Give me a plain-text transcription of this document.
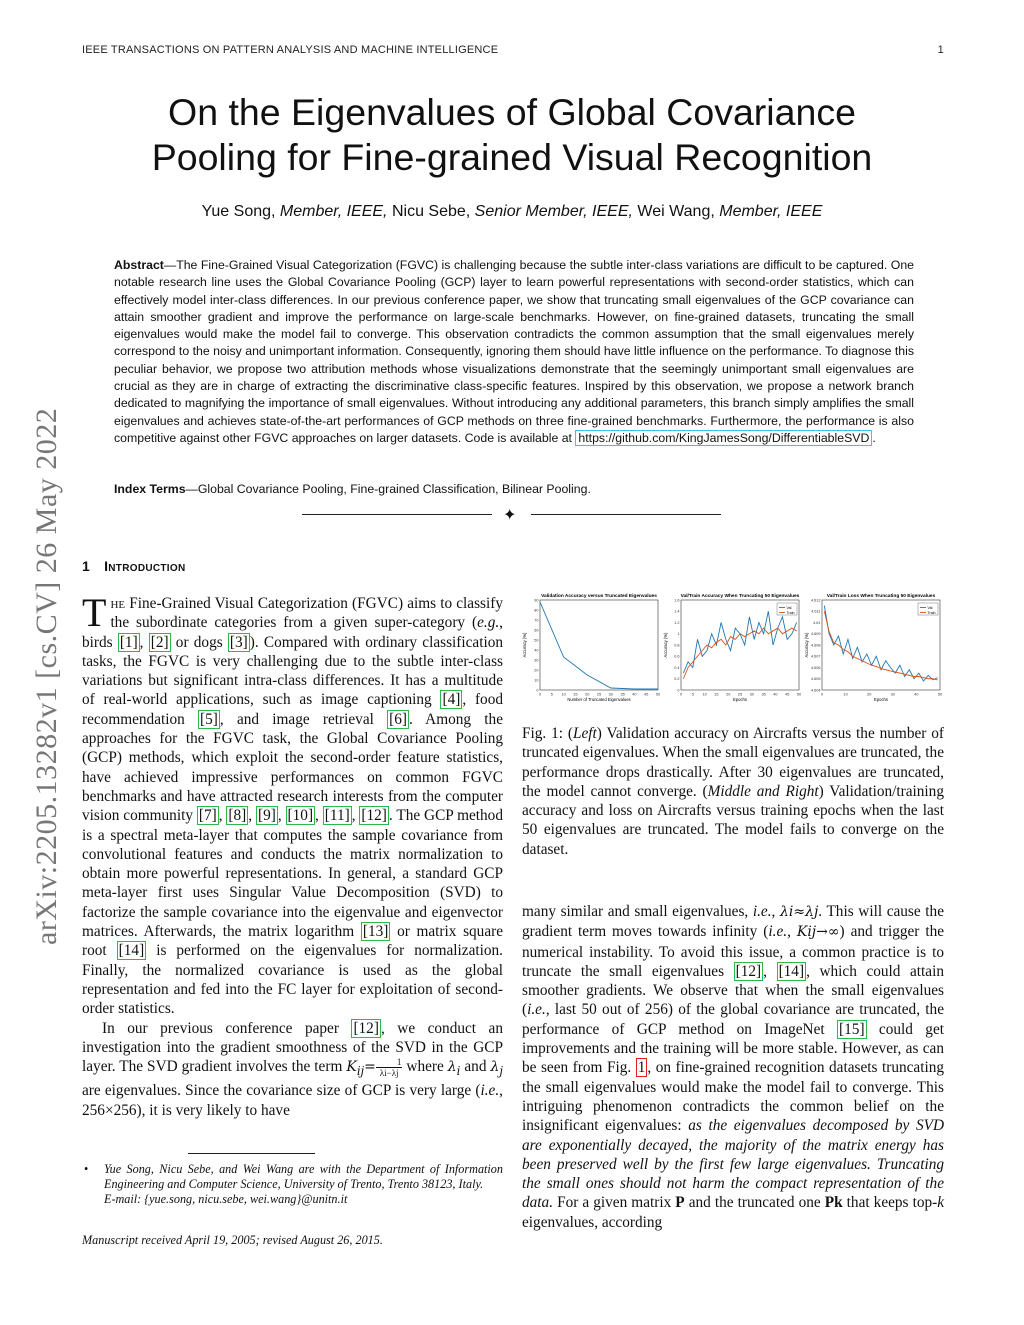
IEEE TRANSACTIONS ON PATTERN ANALYSIS AND MACHINE INTELLIGENCE	1
On the Eigenvalues of Global Covariance
Pooling for Fine-grained Visual Recognition
Yue Song, Member, IEEE, Nicu Sebe, Senior Member, IEEE, Wei Wang, Member, IEEE
Abstract—The Fine-Grained Visual Categorization (FGVC) is challenging because the subtle inter-class variations are difficult to be captured. One notable research line uses the Global Covariance Pooling (GCP) layer to learn powerful representations with second-order statistics, which can effectively model inter-class differences. In our previous conference paper, we show that truncating small eigenvalues of the GCP covariance can attain smoother gradient and improve the performance on large-scale benchmarks. However, on fine-grained datasets, truncating the small eigenvalues would make the model fail to converge. This observation contradicts the common assumption that the small eigenvalues merely correspond to the noisy and unimportant information. Consequently, ignoring them should have little influence on the performance. To diagnose this peculiar behavior, we propose two attribution methods whose visualizations demonstrate that the seemingly unimportant small eigenvalues are crucial as they are in charge of extracting the discriminative class-specific features. Inspired by this observation, we propose a network branch dedicated to magnifying the importance of small eigenvalues. Without introducing any additional parameters, this branch simply amplifies the small eigenvalues and achieves state-of-the-art performances of GCP methods on three fine-grained benchmarks. Furthermore, the performance is also competitive against other FGVC approaches on larger datasets. Code is available at https://github.com/KingJamesSong/DifferentiableSVD .
Index Terms—Global Covariance Pooling, Fine-grained Classification, Bilinear Pooling.
✦
arXiv:2205.13282v1 [cs.CV] 26 May 2022 1 Introduction

The Fine-Grained Visual Categorization (FGVC) aims to classify the subordinate categories from a given super-category (e.g., birds [1] , [2] or dogs [3] ). Compared with ordinary classification tasks, the FGVC is very challenging due to the subtle inter-class variations but significant intra-class differences. It has a multitude of real-world applications, such as image captioning [4] , food recommendation [5] , and image retrieval [6] . Among the approaches for the FGVC task, the Global Covariance Pooling (GCP) methods, which exploit the second-order feature statistics, have achieved impressive performances on common FGVC benchmarks and have attracted research interests from the computer vision community [7] , [8] , [9] , [10] , [11] , [12] . The GCP method is a spectral meta-layer that computes the sample covariance from convolutional features and conducts the matrix normalization to obtain more powerful representations. In general, a standard GCP meta-layer first uses Singular Value Decomposition (SVD) to factorize the sample covariance into the eigenvalue and eigenvector matrices. Afterwards, the matrix logarithm [13] or matrix square root [14] is performed on the eigenvalues for normalization. Finally, the normalized covariance is used as the global representation and fed into the FC layer for exploitation of second-order statistics.

In our previous conference paper [12] , we conduct an investigation into the gradient smoothness of the SVD in the GCP layer. The SVD gradient involves the term $K_{ij}= \frac{1}{\lambda i-\lambda j}$ where $\lambda_i$ and $\lambda_j$ are eigenvalues. Since the covariance size of GCP is very large (i.e., 256×256), it is very likely to have

• Yue Song, Nicu Sebe, and Wei Wang are with the Department of Information Engineering and Computer Science, University of Trento, Trento 38123, Italy.
E-mail: {yue.song, nicu.sebe, wei.wang}@unitn.it
Manuscript received April 19, 2005; revised August 26, 2015.
Validation Accuracy versus Truncated Eigenvalues
0	5 10 15 20 25 30 35 40 45 50
0
10
20
30
40
50
60
70
80
90
Number of Truncated Eigenvalues
Accuracy (%)
Val/Train Accuracy When Truncating 50 Eigenvalues
0	5 10 15 20 25 30 35 40 45 50
0
0.2
0.4
0.6
0.8
1
1.2
1.4
1.6
Epochs
Accuracy (%)
Val
Train
Val/Train Loss When Truncating 50 Eigenvalues
0	10	20	30	40	50
4.604
4.605
4.606
4.607
4.608
4.609
4.61
4.611
4.612
Epochs
Accuracy (%)
Val
Train
Fig. 1: (Left) Validation accuracy on Aircrafts versus the number of truncated eigenvalues. When the small eigenvalues are truncated, the performance drops drastically. After 30 eigenvalues are truncated, the model cannot converge. (Middle and Right) Validation/training accuracy and loss on Aircrafts versus training epochs when the last 50 eigenvalues are truncated. The model fails to converge on the dataset.

many similar and small eigenvalues, i.e., λi≈λj. This will cause the gradient term moves towards infinity (i.e., Kij→∞) and trigger the numerical instability. To avoid this issue, a common practice is to truncate the small eigenvalues [12] , [14] , which could attain smoother gradients. We observe that when the small eigenvalues (i.e., last 50 out of 256) of the global covariance are truncated, the performance of GCP method on ImageNet [15] could get improvements and the training will be more stable. However, as can be seen from Fig. 1 , on fine-grained recognition datasets truncating the small eigenvalues would make the model fail to converge. This intriguing phenomenon contradicts the common belief on the insignificant eigenvalues: as the eigenvalues decomposed by SVD are exponentially decayed, the majority of the matrix energy has been preserved well by the first few large eigenvalues. Truncating the small ones should not harm the compact representation of the data. For a given matrix P and the truncated one Pk that keeps top-k eigenvalues, according
